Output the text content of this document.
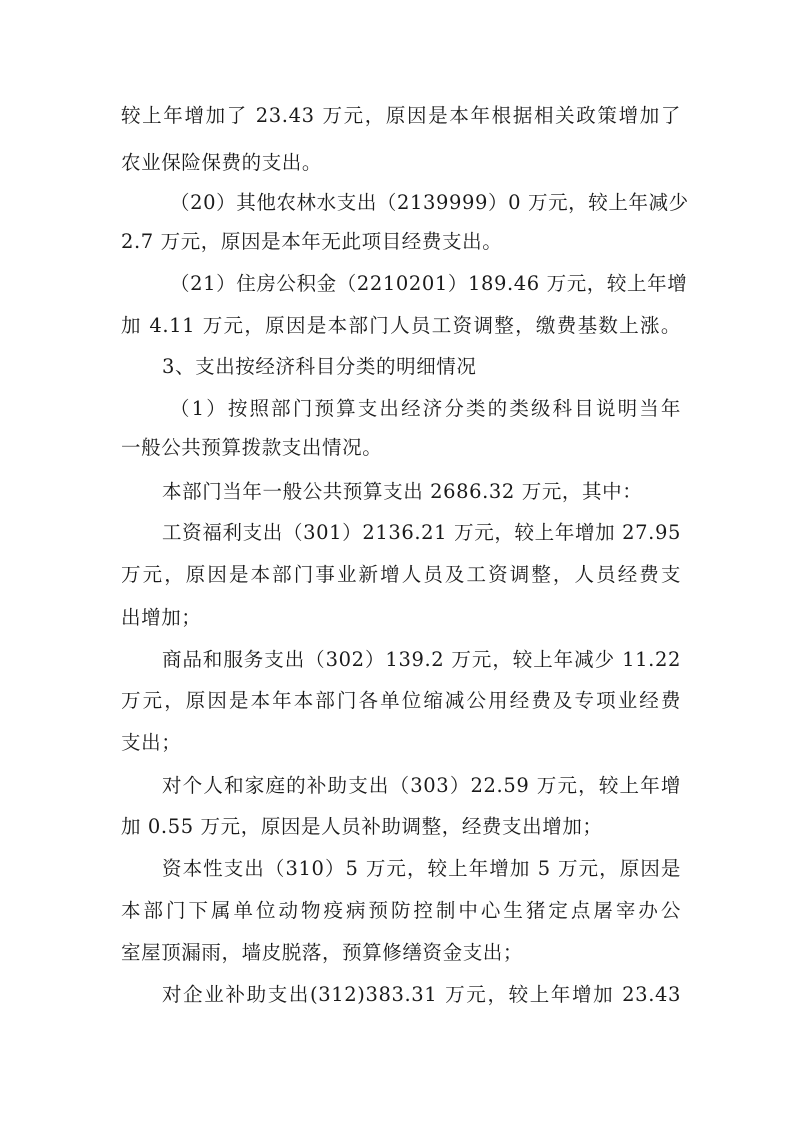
较上年增加了 23.43 万元，原因是本年根据相关政策增加了
农业保险保费的支出。
（20）其他农林水支出（2139999）0 万元，较上年减少
2.7 万元，原因是本年无此项目经费支出。
（21）住房公积金（2210201）189.46 万元，较上年增
加 4.11 万元，原因是本部门人员工资调整，缴费基数上涨。
3、支出按经济科目分类的明细情况
（1）按照部门预算支出经济分类的类级科目说明当年
一般公共预算拨款支出情况。
本部门当年一般公共预算支出 2686.32 万元，其中：
工资福利支出（301）2136.21 万元，较上年增加 27.95
万元，原因是本部门事业新增人员及工资调整，人员经费支
出增加；
商品和服务支出（302）139.2 万元，较上年减少 11.22
万元，原因是本年本部门各单位缩减公用经费及专项业经费
支出；
对个人和家庭的补助支出（303）22.59 万元，较上年增
加 0.55 万元，原因是人员补助调整，经费支出增加；
资本性支出（310）5 万元，较上年增加 5 万元，原因是
本部门下属单位动物疫病预防控制中心生猪定点屠宰办公
室屋顶漏雨，墙皮脱落，预算修缮资金支出；
对企业补助支出(312)383.31 万元，较上年增加 23.43
